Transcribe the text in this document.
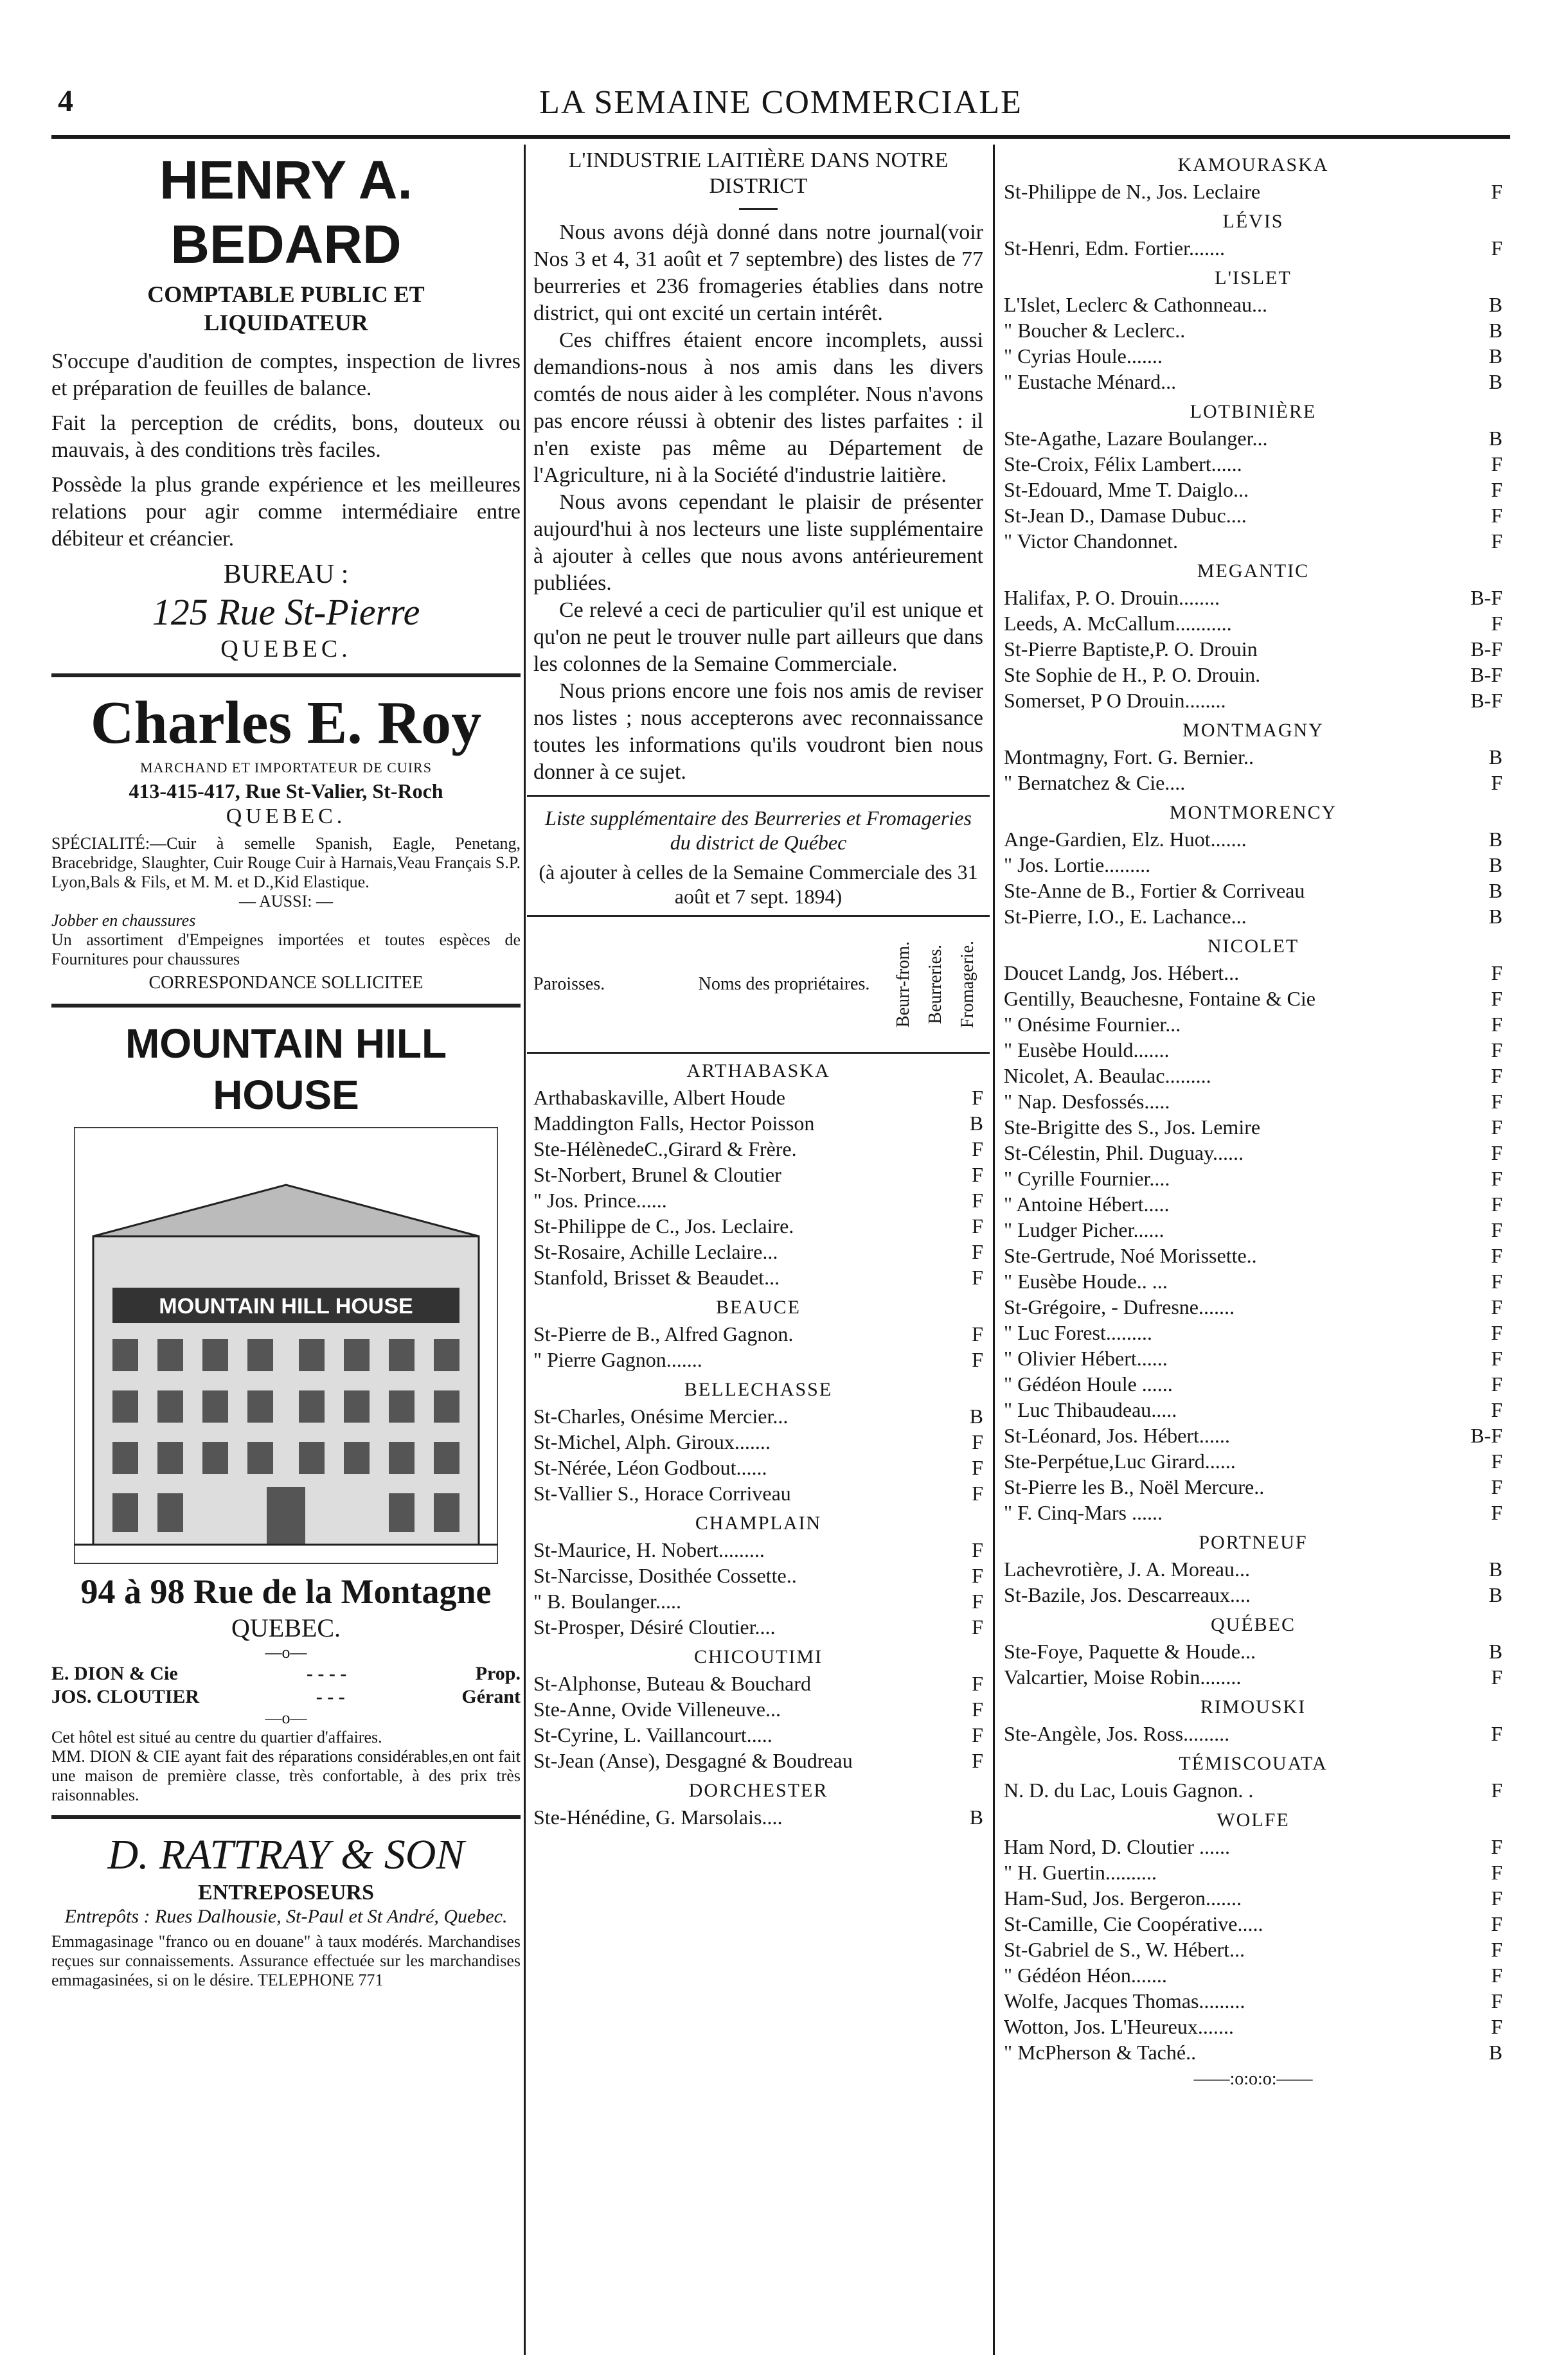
4	LA SEMAINE COMMERCIALE
HENRY A. BEDARD
COMPTABLE PUBLIC ET
LIQUIDATEUR

S'occupe d'audition de comptes, inspection de livres et préparation de feuilles de balance.

Fait la perception de crédits, bons, douteux ou mauvais, à des conditions très faciles.

Possède la plus grande expérience et les meilleures relations pour agir comme intermédiaire entre débiteur et créancier.

BUREAU :
125 Rue St-Pierre
QUEBEC.
Charles E. Roy
MARCHAND ET IMPORTATEUR DE CUIRS
413-415-417, Rue St-Valier, St-Roch
QUEBEC.

SPÉCIALITÉ:—Cuir à semelle Spanish, Eagle, Penetang, Bracebridge, Slaughter, Cuir Rouge Cuir à Harnais,Veau Français S.P. Lyon,Bals & Fils, et M. M. et D.,Kid Elastique.

— AUSSI: —
Jobber en chaussures

Un assortiment d'Empeignes importées et toutes espèces de Fournitures pour chaussures

CORRESPONDANCE SOLLICITEE
MOUNTAIN HILL HOUSE
MOUNTAIN HILL HOUSE
94 à 98 Rue de la Montagne
QUEBEC.
—o—
E. DION & Cie	- - - -	Prop.
JOS. CLOUTIER	- - -	Gérant
—o—

Cet hôtel est situé au centre du quartier d'affaires.

MM. DION & CIE ayant fait des réparations considérables,en ont fait une maison de première classe, très confortable, à des prix très raisonnables.

D. RATTRAY & SON
ENTREPOSEURS
Entrepôts : Rues Dalhousie, St-Paul et St André, Quebec.

Emmagasinage "franco ou en douane" à taux modérés. Marchandises reçues sur connaissements. Assurance effectuée sur les marchandises emmagasinées, si on le désire. TELEPHONE 771

L'INDUSTRIE LAITIÈRE DANS NOTRE DISTRICT

Nous avons déjà donné dans notre journal(voir Nos 3 et 4, 31 août et 7 septembre) des listes de 77 beurreries et 236 fromageries établies dans notre district, qui ont excité un certain intérêt.

Ces chiffres étaient encore incomplets, aussi demandions-nous à nos amis dans les divers comtés de nous aider à les compléter. Nous n'avons pas encore réussi à obtenir des listes parfaites : il n'en existe pas même au Département de l'Agriculture, ni à la Société d'industrie laitière.

Nous avons cependant le plaisir de présenter aujourd'hui à nos lecteurs une liste supplémentaire à ajouter à celles que nous avons antérieurement publiées.

Ce relevé a ceci de particulier qu'il est unique et qu'on ne peut le trouver nulle part ailleurs que dans les colonnes de la Semaine Commerciale.

Nous prions encore une fois nos amis de reviser nos listes ; nous accepterons avec reconnaissance toutes les informations qu'ils voudront bien nous donner à ce sujet.

Liste supplémentaire des Beurreries et Fromageries du district de Québec
(à ajouter à celles de la Semaine Commerciale des 31 août et 7 sept. 1894)
Paroisses.	Noms des propriétaires.	Beurr-from. Beurreries. Fromagerie.
ARTHABASKA
Arthabaskaville, Albert Houde	F
Maddington Falls, Hector Poisson	B
Ste-HélènedeC.,Girard & Frère.	F
St-Norbert, Brunel & Cloutier	F
" Jos. Prince......	F
St-Philippe de C., Jos. Leclaire.	F
St-Rosaire, Achille Leclaire...	F
Stanfold, Brisset & Beaudet...	F
BEAUCE
St-Pierre de B., Alfred Gagnon.	F
" Pierre Gagnon.......	F
BELLECHASSE
St-Charles, Onésime Mercier...	B
St-Michel, Alph. Giroux.......	F
St-Nérée, Léon Godbout......	F
St-Vallier S., Horace Corriveau	F
CHAMPLAIN
St-Maurice, H. Nobert.........	F
St-Narcisse, Dosithée Cossette..	F
" B. Boulanger.....	F
St-Prosper, Désiré Cloutier....	F
CHICOUTIMI
St-Alphonse, Buteau & Bouchard	F
Ste-Anne, Ovide Villeneuve...	F
St-Cyrine, L. Vaillancourt.....	F
St-Jean (Anse), Desgagné & Boudreau	F
DORCHESTER
Ste-Hénédine, G. Marsolais....	B
KAMOURASKA
St-Philippe de N., Jos. Leclaire	F
LÉVIS
St-Henri, Edm. Fortier.......	F
L'ISLET
L'Islet, Leclerc & Cathonneau...	B
" Boucher & Leclerc..	B
" Cyrias Houle.......	B
" Eustache Ménard...	B
LOTBINIÈRE
Ste-Agathe, Lazare Boulanger...	B
Ste-Croix, Félix Lambert......	F
St-Edouard, Mme T. Daiglo...	F
St-Jean D., Damase Dubuc....	F
" Victor Chandonnet.	F
MEGANTIC
Halifax, P. O. Drouin........	B-F
Leeds, A. McCallum...........	F
St-Pierre Baptiste,P. O. Drouin	B-F
Ste Sophie de H., P. O. Drouin.	B-F
Somerset, P O Drouin........	B-F
MONTMAGNY
Montmagny, Fort. G. Bernier..	B
" Bernatchez & Cie....	F
MONTMORENCY
Ange-Gardien, Elz. Huot.......	B
" Jos. Lortie.........	B
Ste-Anne de B., Fortier & Corriveau	B
St-Pierre, I.O., E. Lachance...	B
NICOLET
Doucet Landg, Jos. Hébert...	F
Gentilly, Beauchesne, Fontaine & Cie	F
" Onésime Fournier...	F
" Eusèbe Hould.......	F
Nicolet, A. Beaulac.........	F
" Nap. Desfossés.....	F
Ste-Brigitte des S., Jos. Lemire	F
St-Célestin, Phil. Duguay......	F
" Cyrille Fournier....	F
" Antoine Hébert.....	F
" Ludger Picher......	F
Ste-Gertrude, Noé Morissette..	F
" Eusèbe Houde.. ...	F
St-Grégoire, - Dufresne.......	F
" Luc Forest.........	F
" Olivier Hébert......	F
" Gédéon Houle ......	F
" Luc Thibaudeau.....	F
St-Léonard, Jos. Hébert......	B-F
Ste-Perpétue,Luc Girard......	F
St-Pierre les B., Noël Mercure..	F
" F. Cinq-Mars ......	F
PORTNEUF
Lachevrotière, J. A. Moreau...	B
St-Bazile, Jos. Descarreaux....	B
QUÉBEC
Ste-Foye, Paquette & Houde...	B
Valcartier, Moise Robin........	F
RIMOUSKI
Ste-Angèle, Jos. Ross.........	F
TÉMISCOUATA
N. D. du Lac, Louis Gagnon. .	F
WOLFE
Ham Nord, D. Cloutier ......	F
" H. Guertin..........	F
Ham-Sud, Jos. Bergeron.......	F
St-Camille, Cie Coopérative.....	F
St-Gabriel de S., W. Hébert...	F
" Gédéon Héon.......	F
Wolfe, Jacques Thomas.........	F
Wotton, Jos. L'Heureux.......	F
" McPherson & Taché..	B
——:o:o:o:——
